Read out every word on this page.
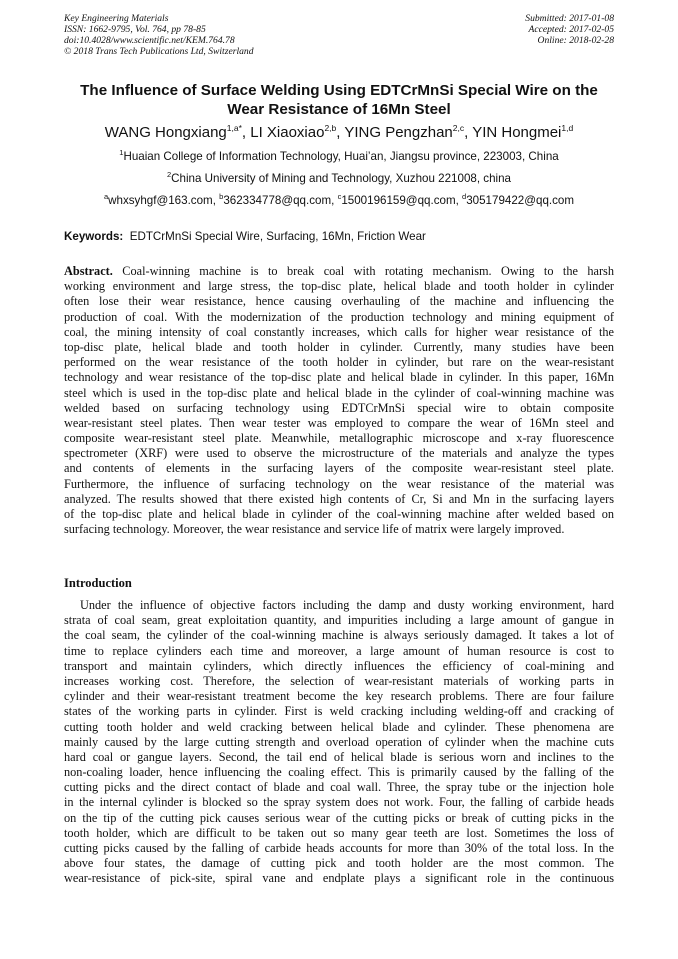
Key Engineering Materials
ISSN: 1662-9795, Vol. 764, pp 78-85
doi:10.4028/www.scientific.net/KEM.764.78
© 2018 Trans Tech Publications Ltd, Switzerland
Submitted: 2017-01-08
Accepted: 2017-02-05
Online: 2018-02-28
The Influence of Surface Welding Using EDTCrMnSi Special Wire on the
Wear Resistance of 16Mn Steel
WANG Hongxiang$^{1,a*}$, LI Xiaoxiao$^{2,b}$, YING Pengzhan$^{2,c}$, YIN Hongmei$^{1,d}$
$^1$Huaian College of Information Technology, Huai’an, Jiangsu province, 223003, China
$^2$China University of Mining and Technology, Xuzhou 221008, china
$^a$whxsyhgf@163.com, $^b$362334778@qq.com, $^c$1500196159@qq.com, $^d$305179422@qq.com
Keywords: EDTCrMnSi Special Wire, Surfacing, 16Mn, Friction Wear
Abstract. Coal-winning machine is to break coal with rotating mechanism. Owing to the harsh
working environment and large stress, the top-disc plate, helical blade and tooth holder in cylinder
often lose their wear resistance, hence causing overhauling of the machine and influencing the
production of coal. With the modernization of the production technology and mining equipment of
coal, the mining intensity of coal constantly increases, which calls for higher wear resistance of the
top-disc plate, helical blade and tooth holder in cylinder. Currently, many studies have been
performed on the wear resistance of the tooth holder in cylinder, but rare on the wear-resistant
technology and wear resistance of the top-disc plate and helical blade in cylinder. In this paper, 16Mn
steel which is used in the top-disc plate and helical blade in the cylinder of coal-winning machine was
welded based on surfacing technology using EDTCrMnSi special wire to obtain composite
wear-resistant steel plates. Then wear tester was employed to compare the wear of 16Mn steel and
composite wear-resistant steel plate. Meanwhile, metallographic microscope and x-ray fluorescence
spectrometer (XRF) were used to observe the microstructure of the materials and analyze the types
and contents of elements in the surfacing layers of the composite wear-resistant steel plate.
Furthermore, the influence of surfacing technology on the wear resistance of the material was
analyzed. The results showed that there existed high contents of Cr, Si and Mn in the surfacing layers
of the top-disc plate and helical blade in cylinder of the coal-winning machine after welded based on
surfacing technology. Moreover, the wear resistance and service life of matrix were largely improved.
Introduction
Under the influence of objective factors including the damp and dusty working environment, hard
strata of coal seam, great exploitation quantity, and impurities including a large amount of gangue in
the coal seam, the cylinder of the coal-winning machine is always seriously damaged. It takes a lot of
time to replace cylinders each time and moreover, a large amount of human resource is cost to
transport and maintain cylinders, which directly influences the efficiency of coal-mining and
increases working cost. Therefore, the selection of wear-resistant materials of working parts in
cylinder and their wear-resistant treatment become the key research problems. There are four failure
states of the working parts in cylinder. First is weld cracking including welding-off and cracking of
cutting tooth holder and weld cracking between helical blade and cylinder. These phenomena are
mainly caused by the large cutting strength and overload operation of cylinder when the machine cuts
hard coal or gangue layers. Second, the tail end of helical blade is serious worn and inclines to the
non-coaling loader, hence influencing the coaling effect. This is primarily caused by the falling of the
cutting picks and the direct contact of blade and coal wall. Three, the spray tube or the injection hole
in the internal cylinder is blocked so the spray system does not work. Four, the falling of carbide heads
on the tip of the cutting pick causes serious wear of the cutting picks or break of cutting picks in the
tooth holder, which are difficult to be taken out so many gear teeth are lost. Sometimes the loss of
cutting picks caused by the falling of carbide heads accounts for more than 30% of the total loss. In the
above four states, the damage of cutting pick and tooth holder are the most common. The
wear-resistance of pick-site, spiral vane and endplate plays a significant role in the continuous
